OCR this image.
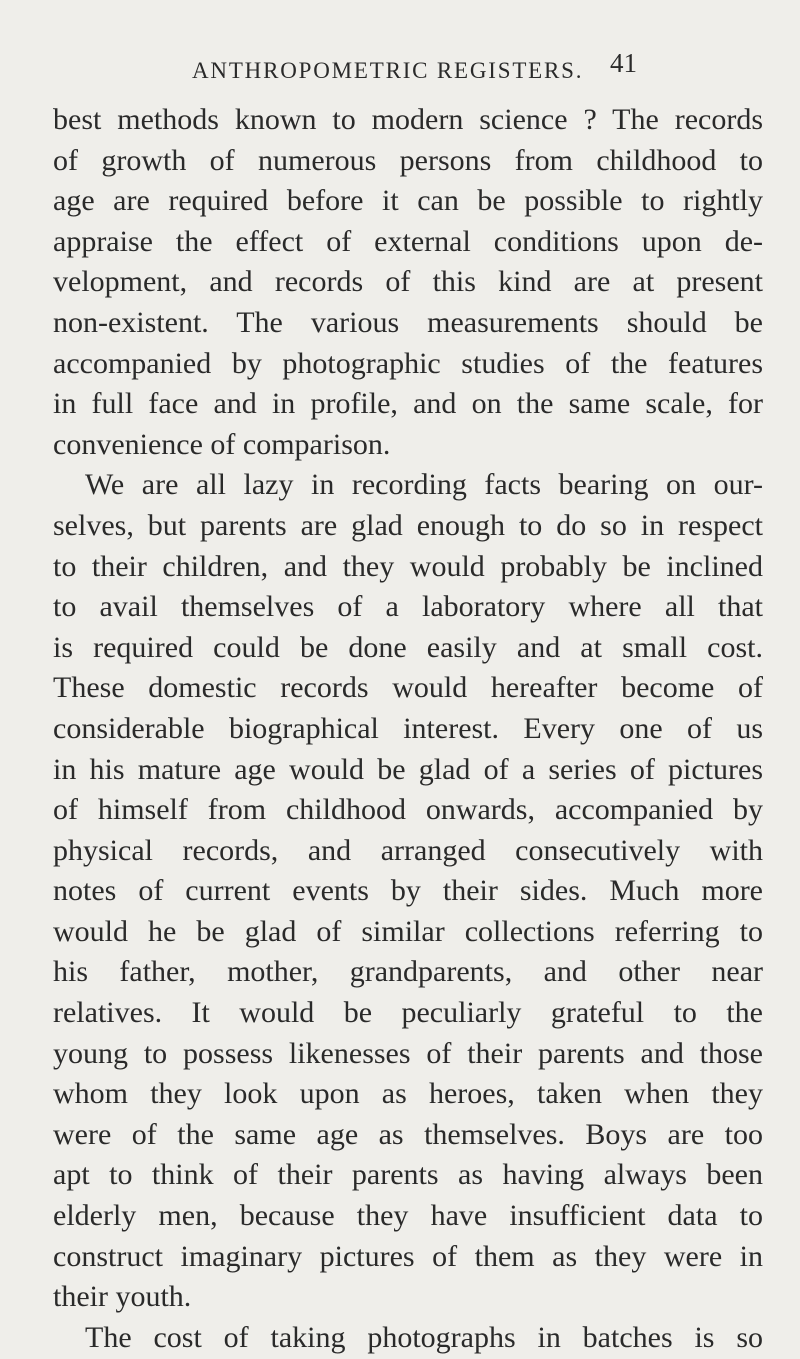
ANTHROPOMETRIC REGISTERS. 41
best methods known to modern science ? The records
of growth of numerous persons from childhood to
age are required before it can be possible to rightly
appraise the effect of external conditions upon de-
velopment, and records of this kind are at present
non-existent. The various measurements should be
accompanied by photographic studies of the features
in full face and in profile, and on the same scale, for
convenience of comparison.
We are all lazy in recording facts bearing on our-
selves, but parents are glad enough to do so in respect
to their children, and they would probably be inclined
to avail themselves of a laboratory where all that
is required could be done easily and at small cost.
These domestic records would hereafter become of
considerable biographical interest. Every one of us
in his mature age would be glad of a series of pictures
of himself from childhood onwards, accompanied by
physical records, and arranged consecutively with
notes of current events by their sides. Much more
would he be glad of similar collections referring to
his father, mother, grandparents, and other near
relatives. It would be peculiarly grateful to the
young to possess likenesses of their parents and those
whom they look upon as heroes, taken when they
were of the same age as themselves. Boys are too
apt to think of their parents as having always been
elderly men, because they have insufficient data to
construct imaginary pictures of them as they were in
their youth.
The cost of taking photographs in batches is so
